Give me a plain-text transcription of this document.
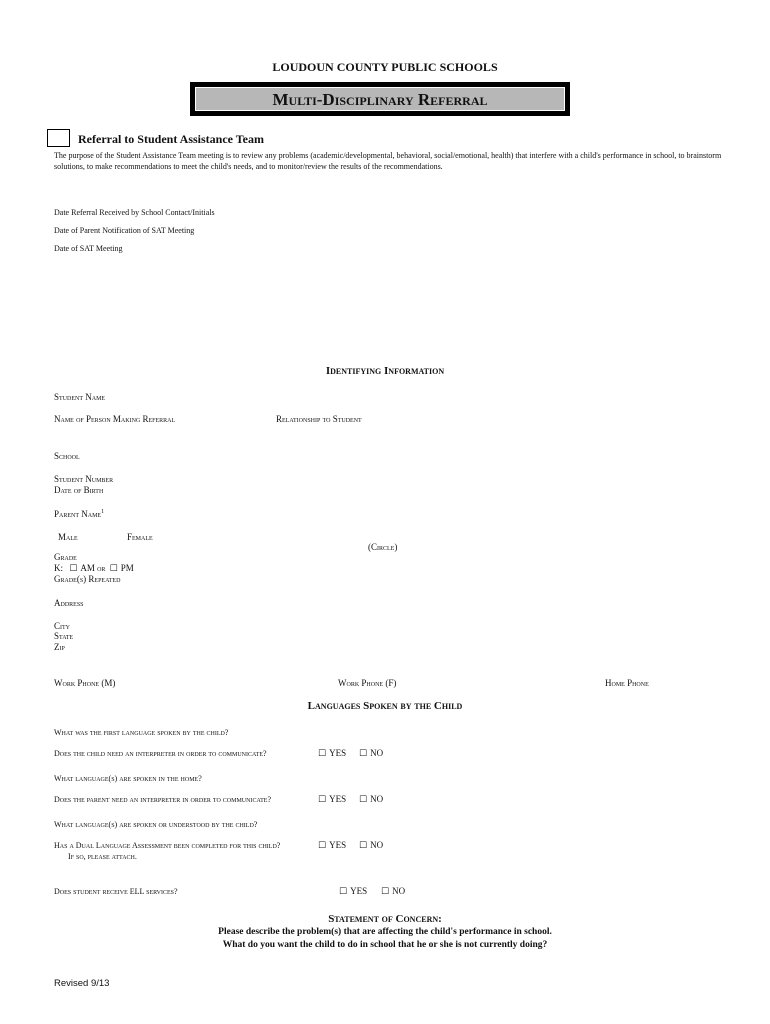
LOUDOUN COUNTY PUBLIC SCHOOLS
Multi-Disciplinary Referral
Referral to Student Assistance Team
The purpose of the Student Assistance Team meeting is to review any problems (academic/developmental, behavioral, social/emotional, health) that interfere with a child's performance in school, to brainstorm solutions, to make recommendations to meet the child's needs, and to monitor/review the results of the recommendations.
Date Referral Received by School Contact/Initials
Date of Parent Notification of SAT Meeting
Date of SAT Meeting
Identifying Information
Student Name
Name of Person Making Referral	Relationship to Student
School
Student Number
Date of Birth
Parent Name$^1$
Male	Female
(Circle)
Grade
K: ☐ AM or ☐ PM
Grade(s) Repeated
Address
City
State
Zip
Work Phone (M)	Work Phone (F)	Home Phone
Languages Spoken by the Child
What was the first language spoken by the child?
Does the child need an interpreter in order to communicate?	☐ YES ☐ NO
What language(s) are spoken in the home?
Does the parent need an interpreter in order to communicate?	☐ YES ☐ NO
What language(s) are spoken or understood by the child?
Has a Dual Language Assessment been completed for this child?	☐ YES ☐ NO
If so, please attach.
Does student receive ELL services?	☐ YES ☐ NO
Statement of Concern:
Please describe the problem(s) that are affecting the child's performance in school.
What do you want the child to do in school that he or she is not currently doing?
Revised 9/13
